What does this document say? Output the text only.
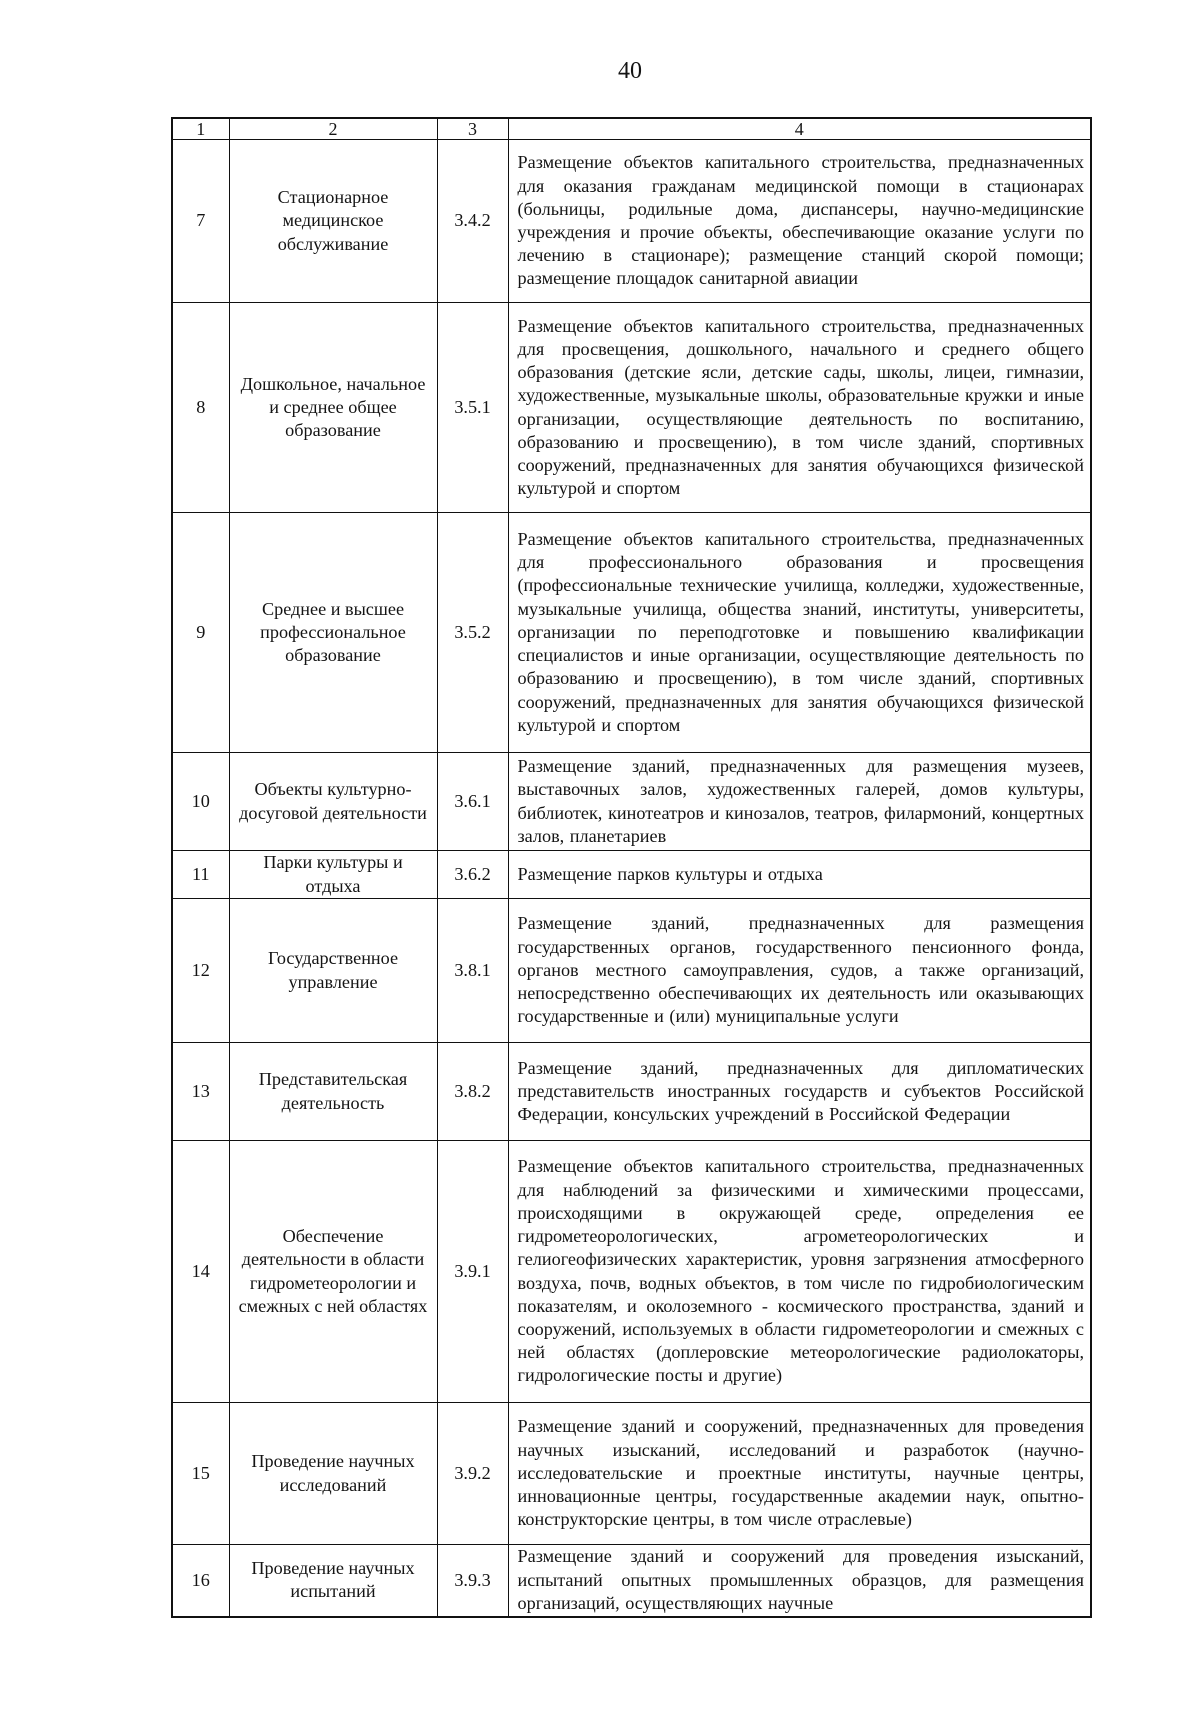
40
1	2	3	4
7	Стационарное медицинское обслуживание	3.4.2	Размещение объектов капитального строительства, предназначенных для оказания гражданам медицинской помощи в стационарах (больницы, родильные дома, диспансеры, научно-медицинские учреждения и прочие объекты, обеспечивающие оказание услуги по лечению в стационаре); размещение станций скорой помощи; размещение площадок санитарной авиации
8	Дошкольное, начальное и среднее общее образование	3.5.1	Размещение объектов капитального строительства, предназначенных для просвещения, дошкольного, начального и среднего общего образования (детские ясли, детские сады, школы, лицеи, гимназии, художественные, музыкальные школы, образовательные кружки и иные организации, осуществляющие деятельность по воспитанию, образованию и просвещению), в том числе зданий, спортивных сооружений, предназначенных для занятия обучающихся физической культурой и спортом
9	Среднее и высшее профессиональное образование	3.5.2	Размещение объектов капитального строительства, предназначенных для профессионального образования и просвещения (профессиональные технические училища, колледжи, художественные, музыкальные училища, общества знаний, институты, университеты, организации по переподготовке и повышению квалификации специалистов и иные организации, осуществляющие деятельность по образованию и просвещению), в том числе зданий, спортивных сооружений, предназначенных для занятия обучающихся физической культурой и спортом
10	Объекты культурно-досуговой деятельности	3.6.1	Размещение зданий, предназначенных для размещения музеев, выставочных залов, художественных галерей, домов культуры, библиотек, кинотеатров и кинозалов, театров, филармоний, концертных залов, планетариев
11	Парки культуры и отдыха	3.6.2	Размещение парков культуры и отдыха
12	Государственное управление	3.8.1	Размещение зданий, предназначенных для размещения государственных органов, государственного пенсионного фонда, органов местного самоуправления, судов, а также организаций, непосредственно обеспечивающих их деятельность или оказывающих государственные и (или) муниципальные услуги
13	Представительская деятельность	3.8.2	Размещение зданий, предназначенных для дипломатических представительств иностранных государств и субъектов Российской Федерации, консульских учреждений в Российской Федерации
14	Обеспечение деятельности в области гидрометеорологии и смежных с ней областях	3.9.1	Размещение объектов капитального строительства, предназначенных для наблюдений за физическими и химическими процессами, происходящими в окружающей среде, определения ее гидрометеорологических, агрометеорологических и гелиогеофизических характеристик, уровня загрязнения атмосферного воздуха, почв, водных объектов, в том числе по гидробиологическим показателям, и околоземного - космического пространства, зданий и сооружений, используемых в области гидрометеорологии и смежных с ней областях (доплеровские метеорологические радиолокаторы, гидрологические посты и другие)
15	Проведение научных исследований	3.9.2	Размещение зданий и сооружений, предназначенных для проведения научных изысканий, исследований и разработок (научно-исследовательские и проектные институты, научные центры, инновационные центры, государственные академии наук, опытно-конструкторские центры, в том числе отраслевые)
16	Проведение научных испытаний	3.9.3	Размещение зданий и сооружений для проведения изысканий, испытаний опытных промышленных образцов, для размещения организаций, осуществляющих научные
